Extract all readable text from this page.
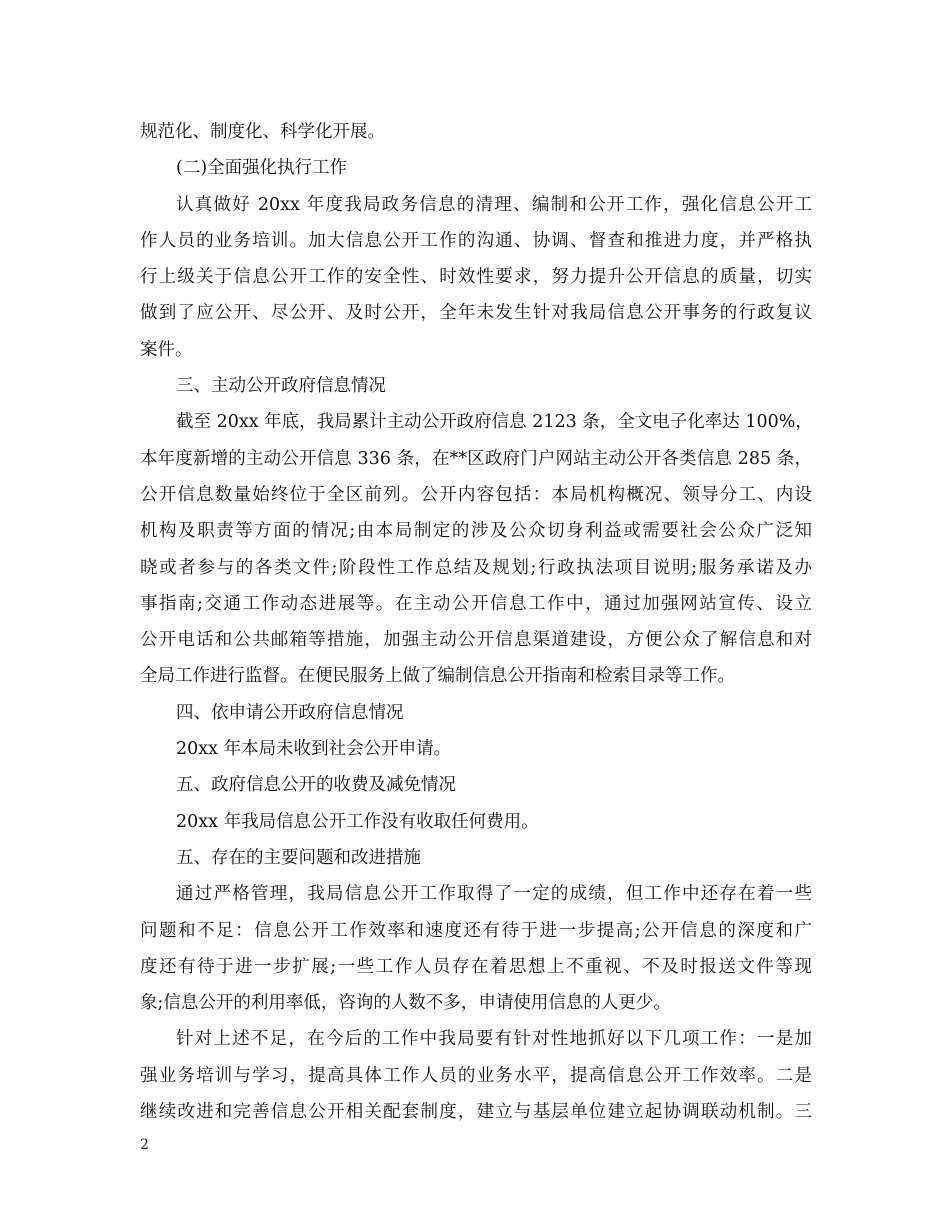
规范化、制度化、科学化开展。
(二)全面强化执行工作
认真做好 20xx 年度我局政务信息的清理、编制和公开工作，强化信息公开工
作人员的业务培训。加大信息公开工作的沟通、协调、督查和推进力度，并严格执
行上级关于信息公开工作的安全性、时效性要求，努力提升公开信息的质量，切实
做到了应公开、尽公开、及时公开，全年未发生针对我局信息公开事务的行政复议
案件。
三、主动公开政府信息情况
截至 20xx 年底，我局累计主动公开政府信息 2123 条，全文电子化率达 100%，
本年度新增的主动公开信息 336 条，在**区政府门户网站主动公开各类信息 285 条，
公开信息数量始终位于全区前列。公开内容包括：本局机构概况、领导分工、内设
机构及职责等方面的情况;由本局制定的涉及公众切身利益或需要社会公众广泛知
晓或者参与的各类文件;阶段性工作总结及规划;行政执法项目说明;服务承诺及办
事指南;交通工作动态进展等。在主动公开信息工作中，通过加强网站宣传、设立
公开电话和公共邮箱等措施，加强主动公开信息渠道建设，方便公众了解信息和对
全局工作进行监督。在便民服务上做了编制信息公开指南和检索目录等工作。
四、依申请公开政府信息情况
20xx 年本局未收到社会公开申请。
五、政府信息公开的收费及减免情况
20xx 年我局信息公开工作没有收取任何费用。
五、存在的主要问题和改进措施
通过严格管理，我局信息公开工作取得了一定的成绩，但工作中还存在着一些
问题和不足：信息公开工作效率和速度还有待于进一步提高;公开信息的深度和广
度还有待于进一步扩展;一些工作人员存在着思想上不重视、不及时报送文件等现
象;信息公开的利用率低，咨询的人数不多，申请使用信息的人更少。
针对上述不足，在今后的工作中我局要有针对性地抓好以下几项工作：一是加
强业务培训与学习，提高具体工作人员的业务水平，提高信息公开工作效率。二是
继续改进和完善信息公开相关配套制度，建立与基层单位建立起协调联动机制。三
2
